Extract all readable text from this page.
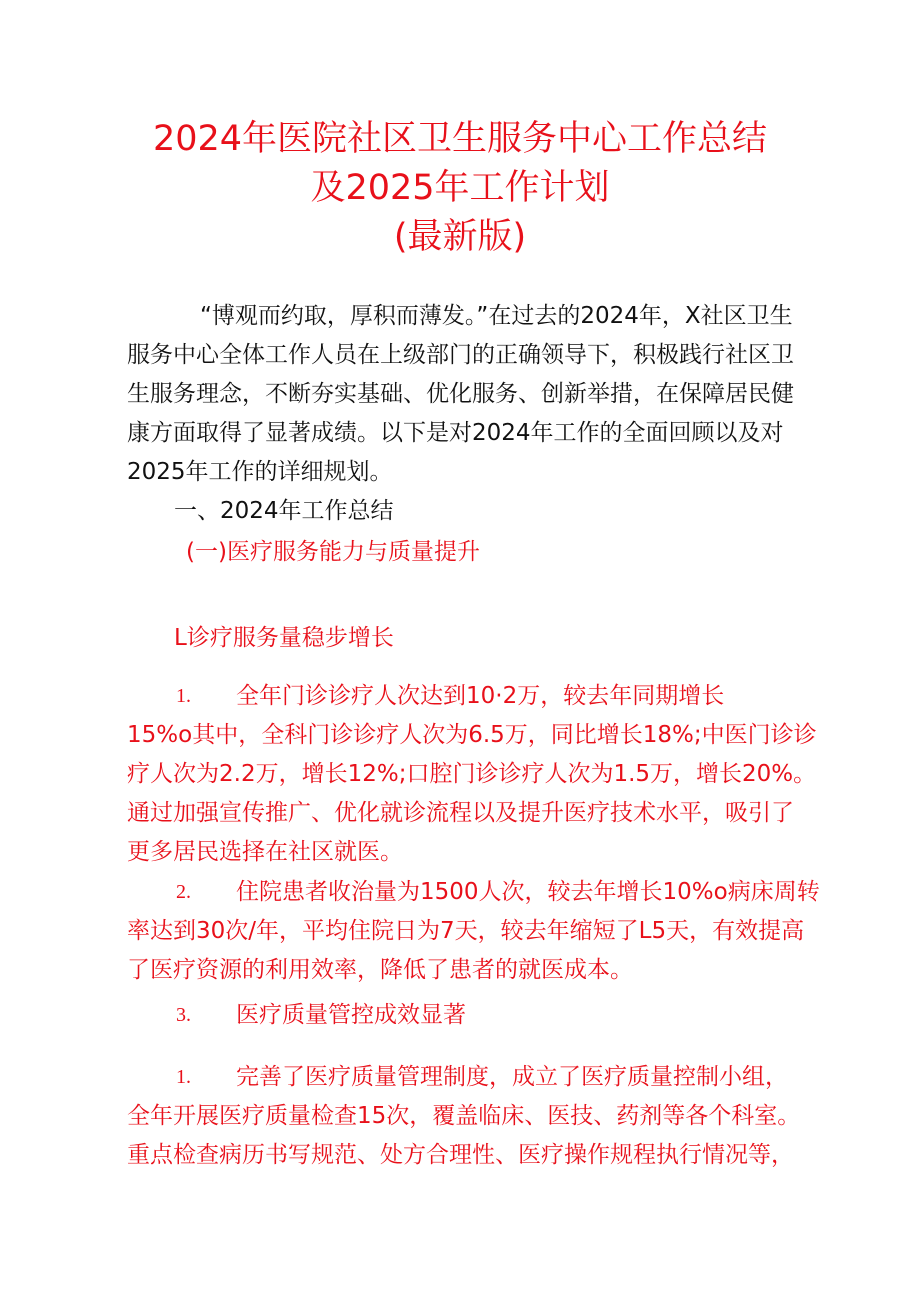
2024年医院社区卫生服务中心工作总结
及2025年工作计划
(最新版)
“博观而约取，厚积而薄发。”在过去的2024年，X社区卫生
服务中心全体工作人员在上级部门的正确领导下，积极践行社区卫
生服务理念，不断夯实基础、优化服务、创新举措，在保障居民健
康方面取得了显著成绩。以下是对2024年工作的全面回顾以及对
2025年工作的详细规划。
一、2024年工作总结
(一)医疗服务能力与质量提升
L诊疗服务量稳步增长
1. 全年门诊诊疗人次达到10·2万，较去年同期增长
15%o其中，全科门诊诊疗人次为6.5万，同比增长18%;中医门诊诊
疗人次为2.2万，增长12%;口腔门诊诊疗人次为1.5万，增长20%。
通过加强宣传推广、优化就诊流程以及提升医疗技术水平，吸引了
更多居民选择在社区就医。
2. 住院患者收治量为1500人次，较去年增长10%o病床周转
率达到30次/年，平均住院日为7天，较去年缩短了L5天，有效提高
了医疗资源的利用效率，降低了患者的就医成本。
3. 医疗质量管控成效显著
1. 完善了医疗质量管理制度，成立了医疗质量控制小组，
全年开展医疗质量检查15次，覆盖临床、医技、药剂等各个科室。
重点检查病历书写规范、处方合理性、医疗操作规程执行情况等，
